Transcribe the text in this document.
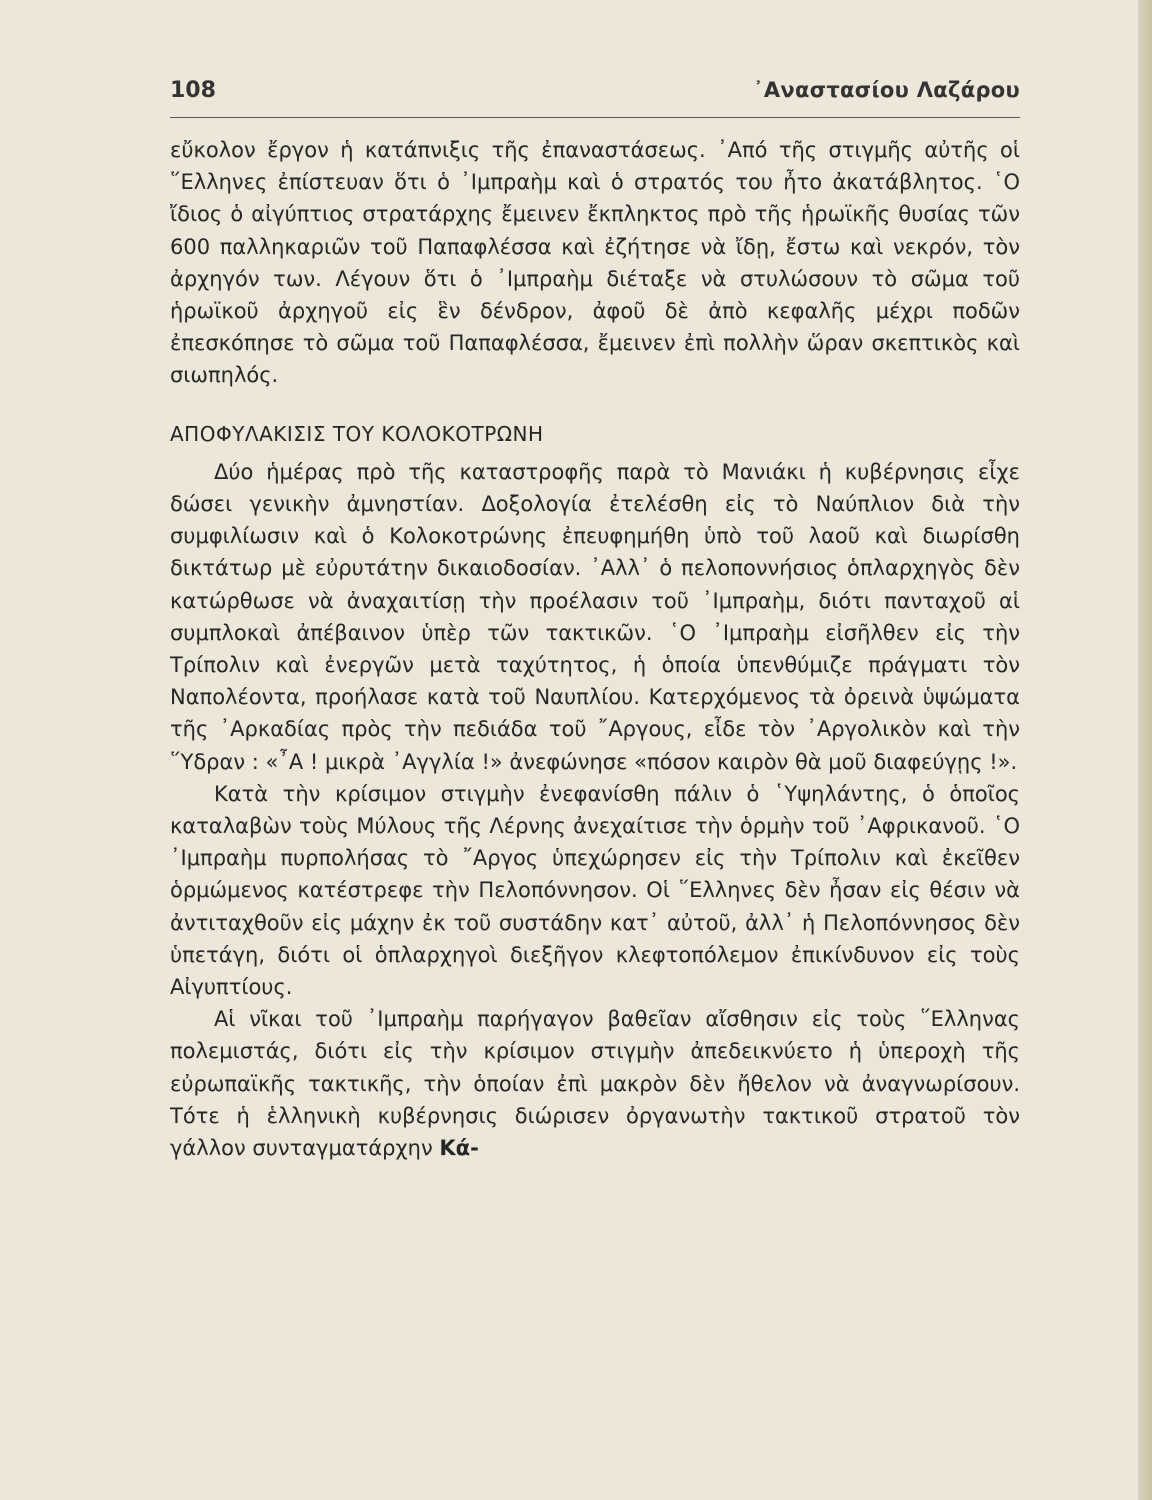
108	᾿Αναστασίου Λαζάρου

εὔκολον ἔργον ἡ κατάπνιξις τῆς ἐπαναστάσεως. ᾿Από τῆς στιγμῆς αὐτῆς οἱ ῞Ελληνες ἐπίστευαν ὅτι ὁ ᾿Ιμπραὴμ καὶ ὁ στρατός του ἦτο ἀκατάβλητος. ῾Ο ἴδιος ὁ αἰγύπτιος στρατάρχης ἔμεινεν ἔκπληκτος πρὸ τῆς ἡρωϊκῆς θυσίας τῶν 600 παλληκαριῶν τοῦ Παπαφλέσσα καὶ ἐζήτησε νὰ ἴδῃ, ἔστω καὶ νεκρόν, τὸν ἀρχηγόν των. Λέγουν ὅτι ὁ ᾿Ιμπραὴμ διέταξε νὰ στυλώσουν τὸ σῶμα τοῦ ἡρωϊκοῦ ἀρχηγοῦ εἰς ἓν δένδρον, ἀφοῦ δὲ ἀπὸ κεφαλῆς μέχρι ποδῶν ἐπεσκόπησε τὸ σῶμα τοῦ Παπαφλέσσα, ἔμεινεν ἐπὶ πολλὴν ὥραν σκεπτικὸς καὶ σιωπηλός.

ΑΠΟΦΥΛΑΚΙΣΙΣ ΤΟΥ ΚΟΛΟΚΟΤΡΩΝΗ

Δύο ἡμέρας πρὸ τῆς καταστροφῆς παρὰ τὸ Μανιάκι ἡ κυβέρνησις εἶχε δώσει γενικὴν ἀμνηστίαν. Δοξολογία ἐτελέσθη εἰς τὸ Ναύπλιον διὰ τὴν συμφιλίωσιν καὶ ὁ Κολοκοτρώνης ἐπευφημήθη ὑπὸ τοῦ λαοῦ καὶ διωρίσθη δικτάτωρ μὲ εὐρυτάτην δικαιοδοσίαν. ᾿Αλλ᾿ ὁ πελοποννήσιος ὁπλαρχηγὸς δὲν κατώρθωσε νὰ ἀναχαιτίσῃ τὴν προέλασιν τοῦ ᾿Ιμπραὴμ, διότι πανταχοῦ αἱ συμπλοκαὶ ἀπέβαινον ὑπὲρ τῶν τακτικῶν. ῾Ο ᾿Ιμπραὴμ εἰσῆλθεν εἰς τὴν Τρίπολιν καὶ ἐνεργῶν μετὰ ταχύτητος, ἡ ὁποία ὑπενθύμιζε πράγματι τὸν Ναπολέοντα, προήλασε κατὰ τοῦ Ναυπλίου. Κατερχόμενος τὰ ὀρεινὰ ὑψώματα τῆς ᾿Αρκαδίας πρὸς τὴν πεδιάδα τοῦ ῎Αργους, εἶδε τὸν ᾿Αργολικὸν καὶ τὴν ῞Υδραν : «῏Α ! μικρὰ ᾿Αγγλία !» ἀνεφώνησε «πόσον καιρὸν θὰ μοῦ διαφεύγῃς !».

Κατὰ τὴν κρίσιμον στιγμὴν ἐνεφανίσθη πάλιν ὁ ῾Υψηλάντης, ὁ ὁποῖος καταλαβὼν τοὺς Μύλους τῆς Λέρνης ἀνεχαίτισε τὴν ὁρμὴν τοῦ ᾿Αφρικανοῦ. ῾Ο ᾿Ιμπραὴμ πυρπολήσας τὸ ῎Αργος ὑπεχώρησεν εἰς τὴν Τρίπολιν καὶ ἐκεῖθεν ὁρμώμενος κατέστρεφε τὴν Πελοπόννησον. Οἱ ῞Ελληνες δὲν ἦσαν εἰς θέσιν νὰ ἀντιταχθοῦν εἰς μάχην ἐκ τοῦ συστάδην κατ᾿ αὐτοῦ, ἀλλ᾿ ἡ Πελοπόννησος δὲν ὑπετάγη, διότι οἱ ὁπλαρχηγοὶ διεξῆγον κλεφτοπόλεμον ἐπικίνδυνον εἰς τοὺς Αἰγυπτίους.

Αἱ νῖκαι τοῦ ᾿Ιμπραὴμ παρήγαγον βαθεῖαν αἴσθησιν εἰς τοὺς ῞Ελληνας πολεμιστάς, διότι εἰς τὴν κρίσιμον στιγμὴν ἀπεδεικνύετο ἡ ὑπεροχὴ τῆς εὐρωπαϊκῆς τακτικῆς, τὴν ὁποίαν ἐπὶ μακρὸν δὲν ἤθελον νὰ ἀναγνωρίσουν. Τότε ἡ ἑλληνικὴ κυβέρνησις διώρισεν ὀργανωτὴν τακτικοῦ στρατοῦ τὸν γάλλον συνταγματάρχην Κά-
